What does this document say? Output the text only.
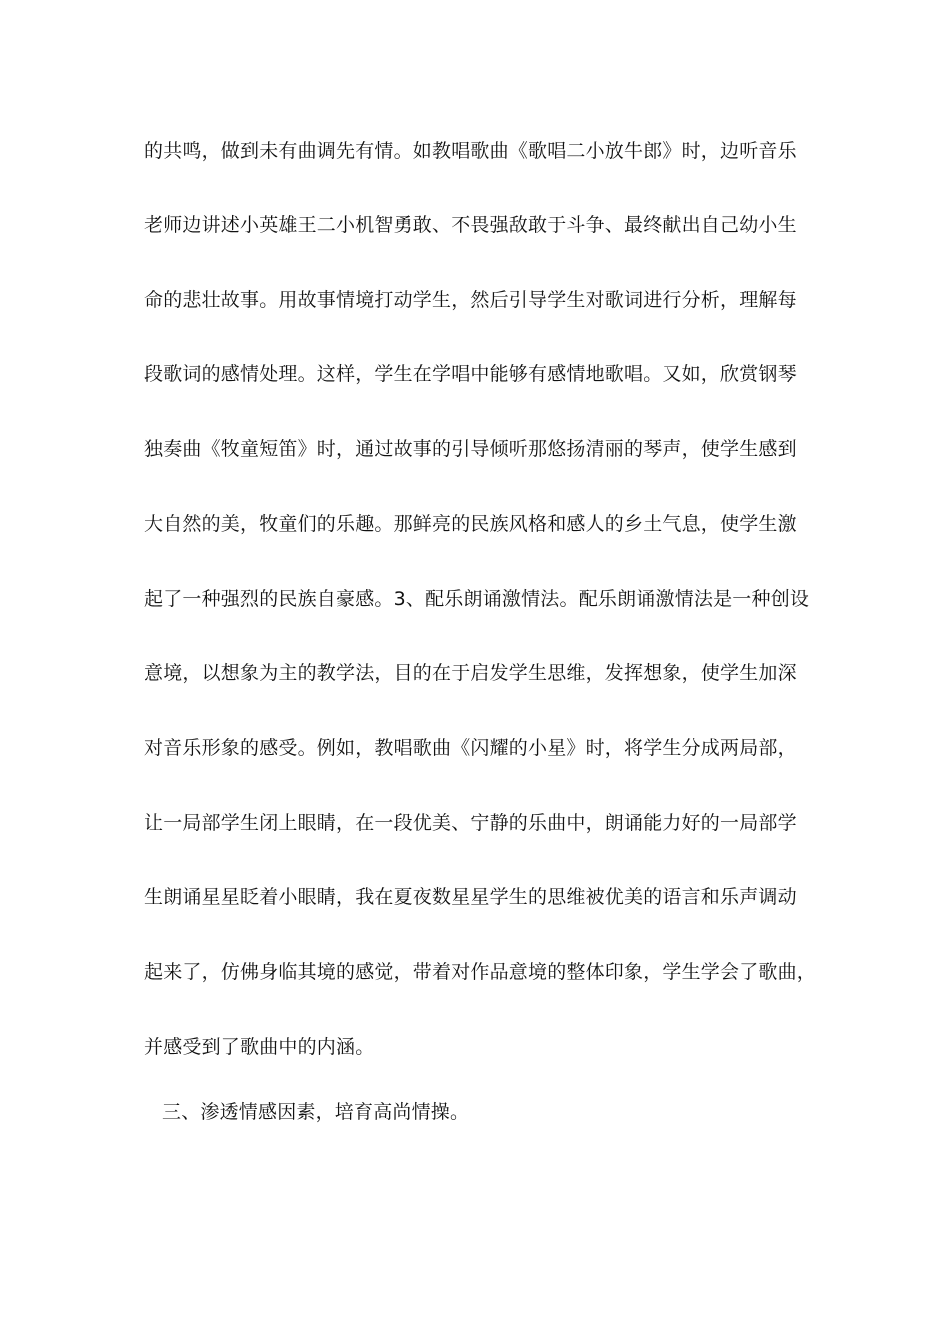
的共鸣，做到未有曲调先有情。如教唱歌曲《歌唱二小放牛郎》时，边听音乐
老师边讲述小英雄王二小机智勇敢、不畏强敌敢于斗争、最终献出自己幼小生
命的悲壮故事。用故事情境打动学生，然后引导学生对歌词进行分析，理解每
段歌词的感情处理。这样，学生在学唱中能够有感情地歌唱。又如，欣赏钢琴
独奏曲《牧童短笛》时，通过故事的引导倾听那悠扬清丽的琴声，使学生感到
大自然的美，牧童们的乐趣。那鲜亮的民族风格和感人的乡土气息，使学生激
起了一种强烈的民族自豪感。3、配乐朗诵激情法。配乐朗诵激情法是一种创设
意境，以想象为主的教学法，目的在于启发学生思维，发挥想象，使学生加深
对音乐形象的感受。例如，教唱歌曲《闪耀的小星》时，将学生分成两局部，
让一局部学生闭上眼睛，在一段优美、宁静的乐曲中，朗诵能力好的一局部学
生朗诵星星眨着小眼睛，我在夏夜数星星学生的思维被优美的语言和乐声调动
起来了，仿佛身临其境的感觉，带着对作品意境的整体印象，学生学会了歌曲，
并感受到了歌曲中的内涵。
三、渗透情感因素，培育高尚情操。
